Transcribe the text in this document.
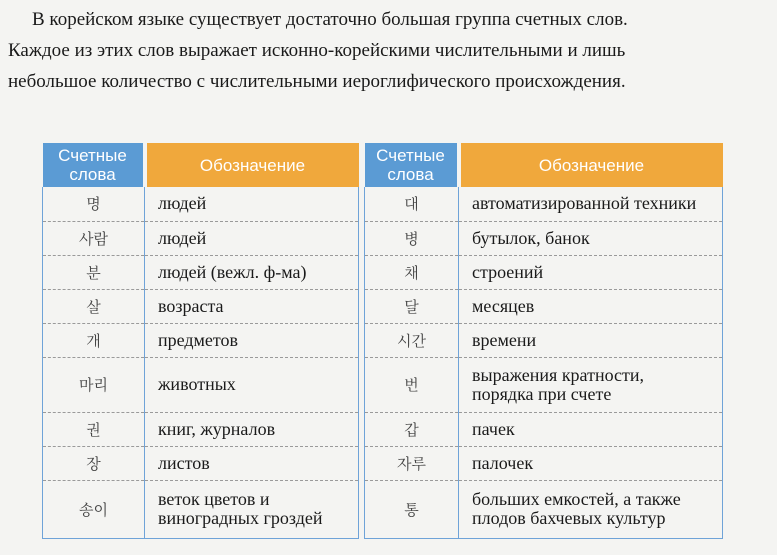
В корейском языке существует достаточно большая группа счетных слов.

Каждое из этих слов выражает исконно-корейскими числительными и лишь

небольшое количество с числительными иероглифического происхождения.

Счетные
слова	Обозначение
명	людей
사람	людей
분	людей (вежл. ф-ма)
살	возраста
개	предметов
마리	животных
권	книг, журналов
장	листов
송이	веток цветов и
виноградных гроздей
Счетные
слова	Обозначение
대	автоматизированной техники
병	бутылок, банок
채	строений
달	месяцев
시간	времени
번	выражения кратности,
порядка при счете
갑	пачек
자루	палочек
통	больших емкостей, а также
плодов бахчевых культур
